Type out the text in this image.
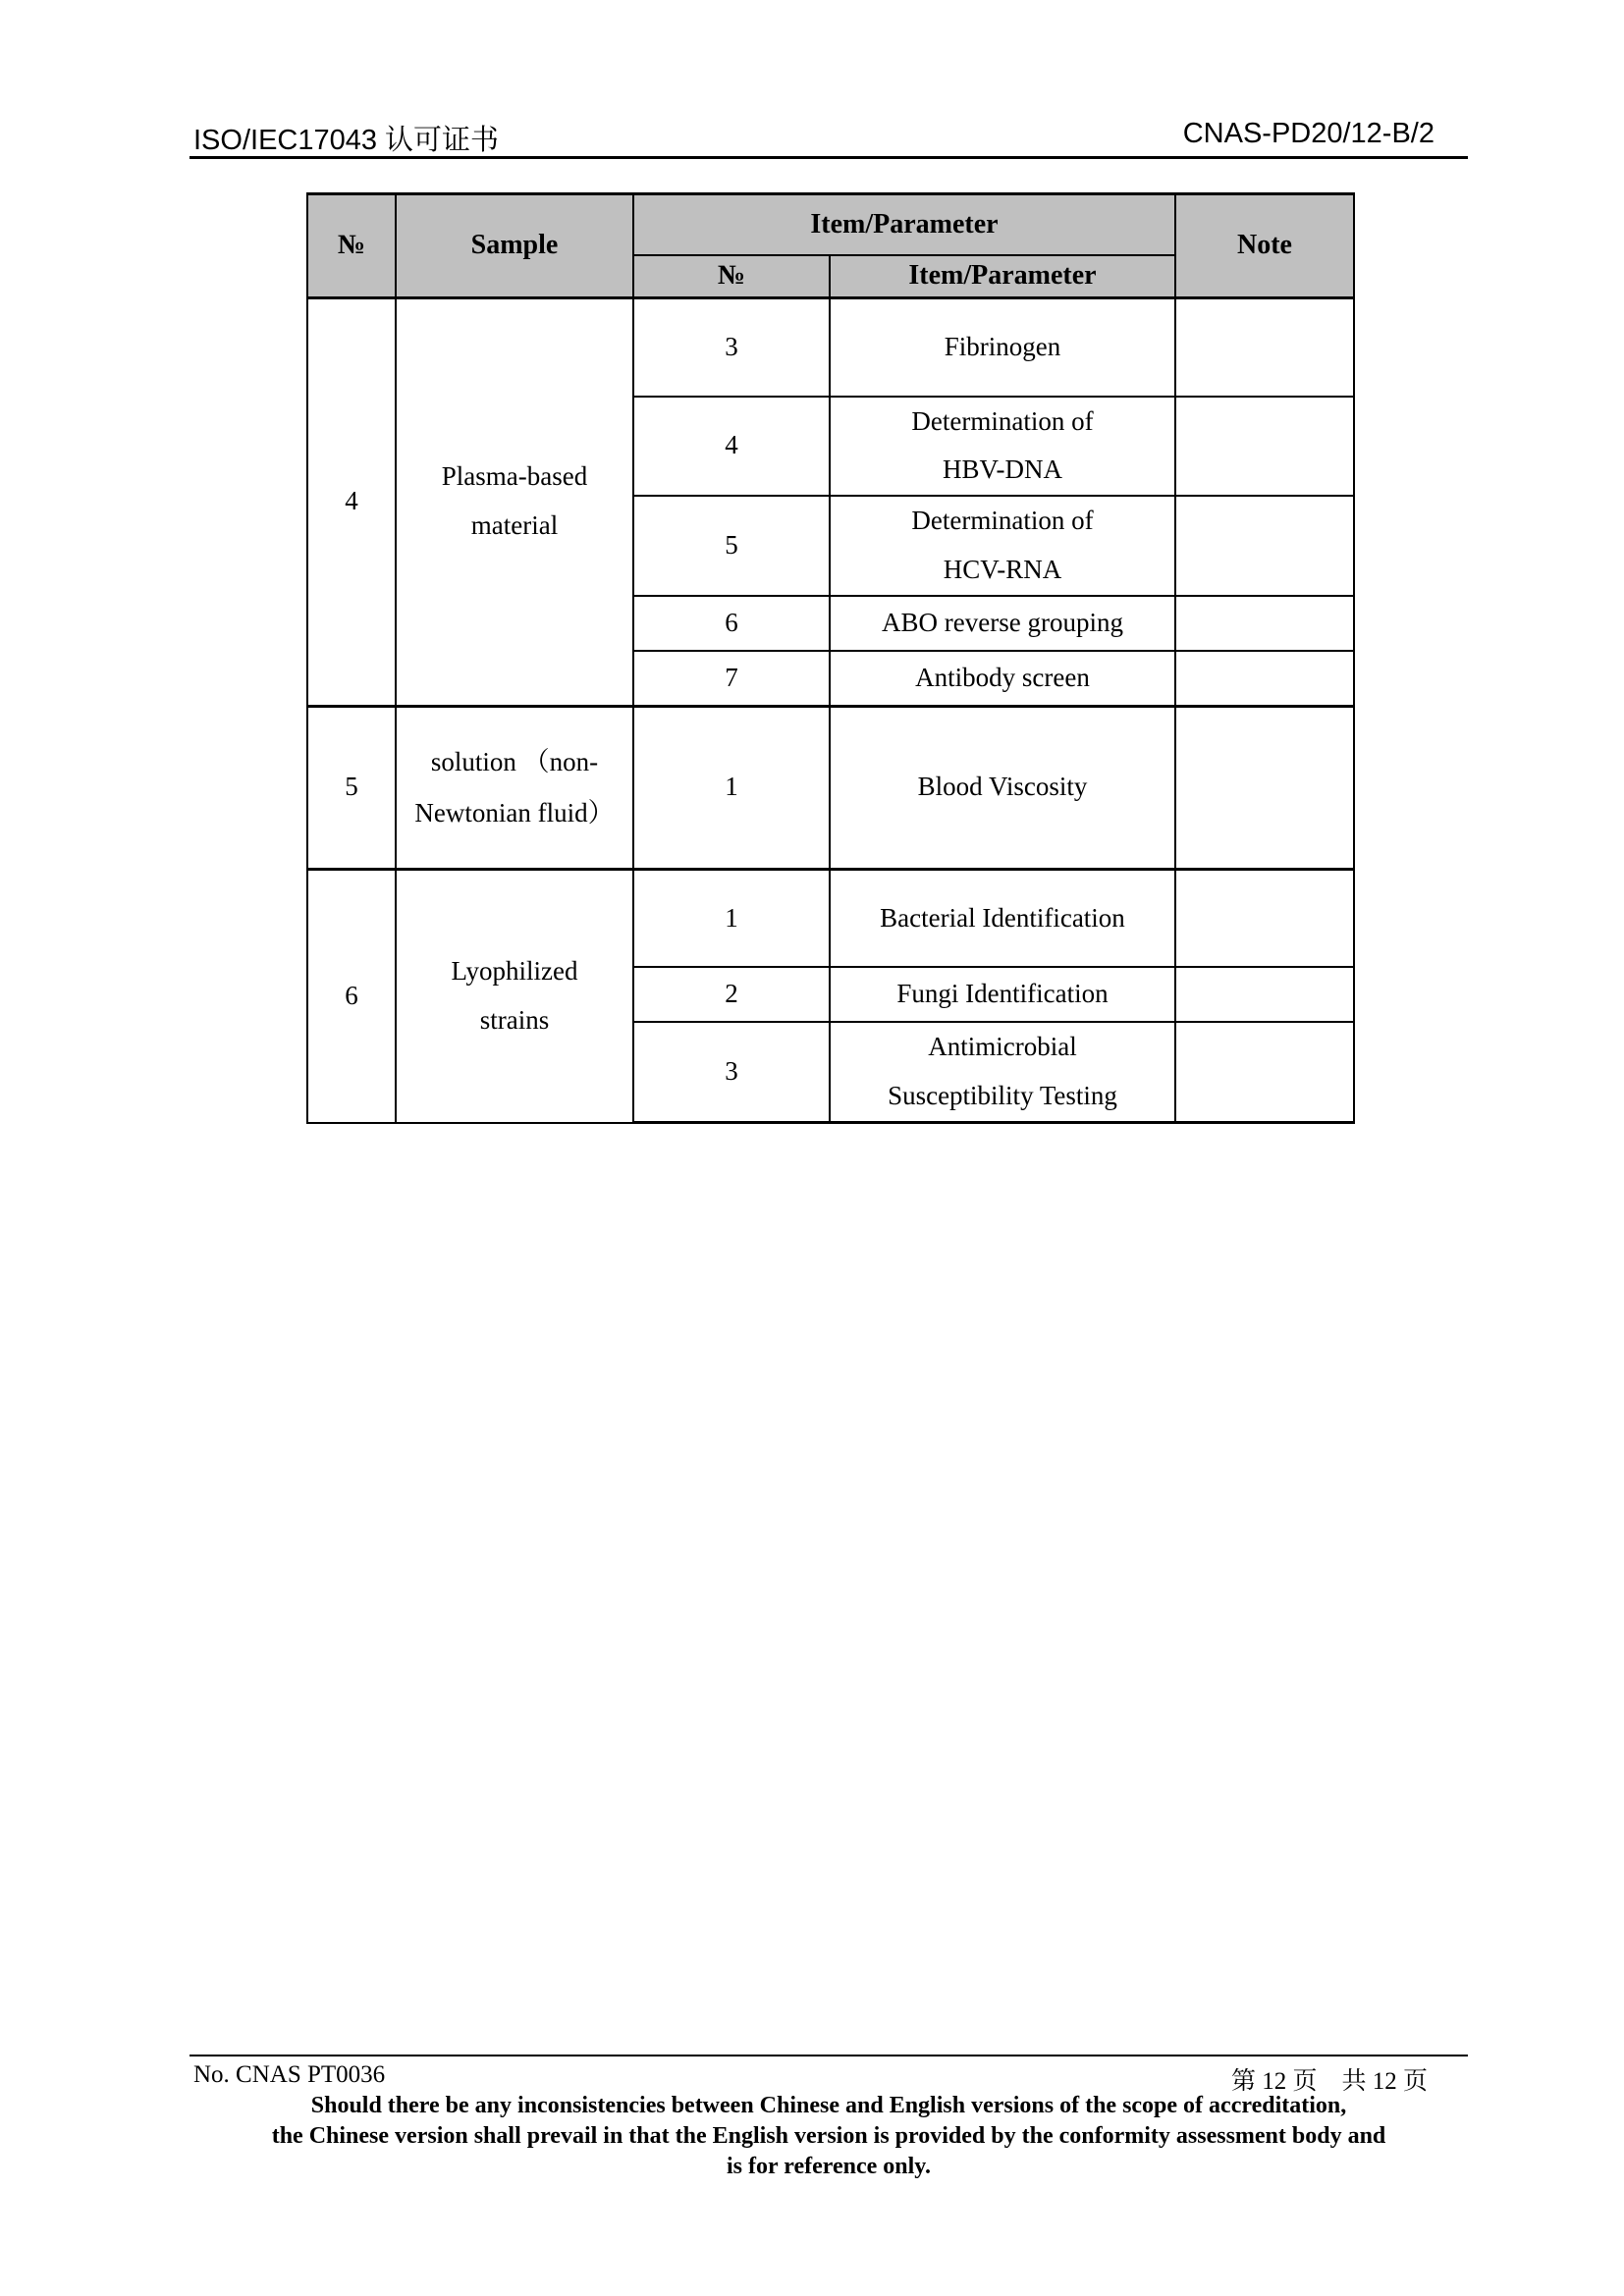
ISO/IEC17043 认可证书	CNAS-PD20/12-B/2
№	Sample	Item/Parameter		Note
		№	Item/Parameter	
4	Plasma-based material	3	Fibrinogen	
		4	Determination of HBV-DNA	
		5	Determination of HCV-RNA	
		6	ABO reverse grouping	
		7	Antibody screen	
5	solution （non-Newtonian fluid）	1	Blood Viscosity	
6	Lyophilized strains	1	Bacterial Identification	
		2	Fungi Identification	
		3	Antimicrobial Susceptibility Testing	
No. CNAS PT0036	第 12 页    共 12 页
Should there be any inconsistencies between Chinese and English versions of the scope of accreditation,
the Chinese version shall prevail in that the English version is provided by the conformity assessment body and
is for reference only.
